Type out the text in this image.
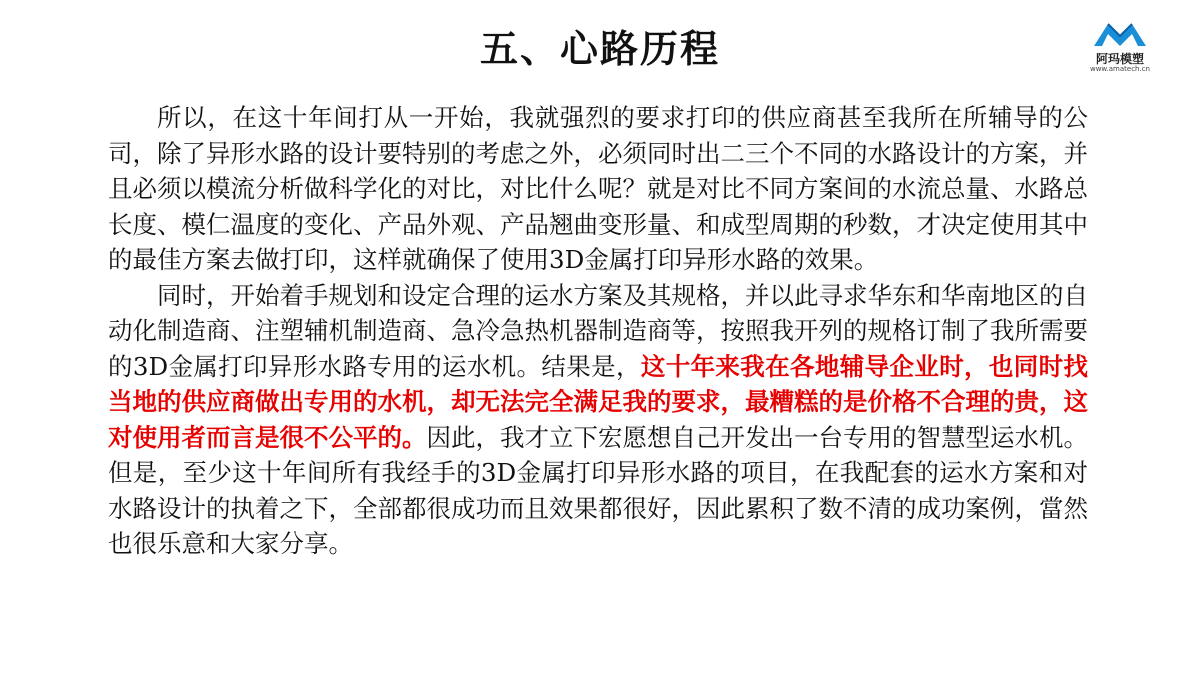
五、心路历程	阿玛模塑
www.amatech.cn

所以，在这十年间打从一开始，我就强烈的要求打印的供应商甚至我所在所辅导的公司，除了异形水路的设计要特别的考虑之外，必须同时出二三个不同的水路设计的方案，并且必须以模流分析做科学化的对比，对比什么呢？就是对比不同方案间的水流总量、水路总长度、模仁温度的变化、产品外观、产品翘曲变形量、和成型周期的秒数，才决定使用其中的最佳方案去做打印，这样就确保了使用3D金属打印异形水路的效果。

同时，开始着手规划和设定合理的运水方案及其规格，并以此寻求华东和华南地区的自动化制造商、注塑辅机制造商、急冷急热机器制造商等，按照我开列的规格订制了我所需要的3D金属打印异形水路专用的运水机。结果是，这十年来我在各地辅导企业时，也同时找当地的供应商做出专用的水机，却无法完全满足我的要求，最糟糕的是价格不合理的贵，这对使用者而言是很不公平的。因此，我才立下宏愿想自己开发出一台专用的智慧型运水机。但是，至少这十年间所有我经手的3D金属打印异形水路的项目，在我配套的运水方案和对水路设计的执着之下，全部都很成功而且效果都很好，因此累积了数不清的成功案例，當然也很乐意和大家分享。
